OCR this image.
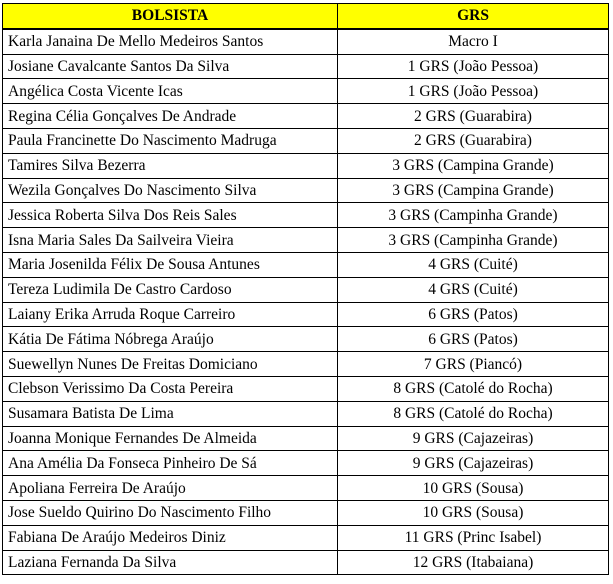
BOLSISTA	GRS
Karla Janaina De Mello Medeiros Santos	Macro I
Josiane Cavalcante Santos Da Silva	1 GRS (João Pessoa)
Angélica Costa Vicente Icas	1 GRS (João Pessoa)
Regina Célia Gonçalves De Andrade	2 GRS (Guarabira)
Paula Francinette Do Nascimento Madruga	2 GRS (Guarabira)
Tamires Silva Bezerra	3 GRS (Campina Grande)
Wezila Gonçalves Do Nascimento Silva	3 GRS (Campina Grande)
Jessica Roberta Silva Dos Reis Sales	3 GRS (Campinha Grande)
Isna Maria Sales Da Sailveira Vieira	3 GRS (Campinha Grande)
Maria Josenilda Félix De Sousa Antunes	4 GRS (Cuité)
Tereza Ludimila De Castro Cardoso	4 GRS (Cuité)
Laiany Erika Arruda Roque Carreiro	6 GRS (Patos)
Kátia De Fátima Nóbrega Araújo	6 GRS (Patos)
Suewellyn Nunes De Freitas Domiciano	7 GRS (Piancó)
Clebson Verissimo Da Costa Pereira	8 GRS (Catolé do Rocha)
Susamara Batista De Lima	8 GRS (Catolé do Rocha)
Joanna Monique Fernandes De Almeida	9 GRS (Cajazeiras)
Ana Amélia Da Fonseca Pinheiro De Sá	9 GRS (Cajazeiras)
Apoliana Ferreira De Araújo	10 GRS (Sousa)
Jose Sueldo Quirino Do Nascimento Filho	10 GRS (Sousa)
Fabiana De Araújo Medeiros Diniz	11 GRS (Princ Isabel)
Laziana Fernanda Da Silva	12 GRS (Itabaiana)
